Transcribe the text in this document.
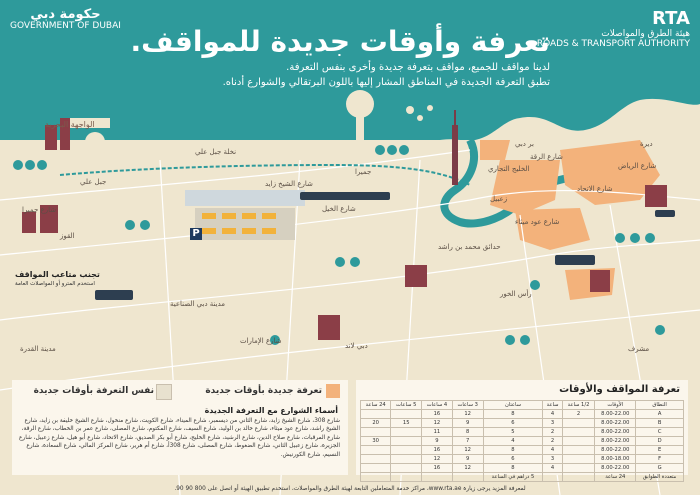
حكومة دبي
GOVERNMENT OF DUBAI	RTA
هيئة الطرق والمواصلات
ROADS & TRANSPORT AUTHORITY
تعرفة وأوقات جديدة للمواقف.
لدينا مواقف للجميع، مواقف بتعرفة جديدة وأخرى بنفس التعرفة.
تطبق التعرفة الجديدة في المناطق المشار إليها باللون البرتقالي والشوارع أدناه.
الواجهة البحرية
جبل علي
نخلة جبل علي
جميرا
بر دبي	ديرة
شارع الرقة
الخليج التجاري
شارع الاتحاد
شارع الرياض
زعبيل
شارع عود ميثاء
شارع الخيل
شارع الشيخ زايد
حدائق محمد بن راشد
رأس الخور
مدينة القدرة	دبي لاند	مشرف
شارع الإمارات
القوز
شارع جميرا
مدينة دبي الصناعية
P
تجنب متاعب المواقف
استخدم المترو أو المواصلات العامة
تعرفة جديدة بأوقات جديدة
نفس التعرفة بأوقات جديدة
أسماء الشوارع مع التعرفة الجديدة
شارع 308، شارع الشيخ زايد، شارع الثاني من ديسمبر، شارع الميناء، شارع الكويت، شارع منخول، شارع الشيخ خليفة بن زايد، شارع الشيخ راشد، شارع عود ميثاء، شارع خالد بن الوليد، شارع السيف، شارع المكتوم، شارع المصلى، شارع عمر بن الخطاب، شارع الرقة، شارع المرقبات، شارع صلاح الدين، شارع الرشيد، شارع الخليج، شارع أبو بكر الصديق، شارع الاتحاد، شارع أبو هيل، شارع زعبيل، شارع الجزيرة، شارع زعبيل الثاني، شارع الضغوط، شارع المصلى، شارع 308أ، شارع أم هرير، شارع المركز المالي، شارع السعادة، شارع النسيم، شارع الكورنيش.
تعرفة المواقف والأوقات
النطاق	الأوقات	1/2 ساعة	ساعة	ساعتان	3 ساعات	4 ساعات	5 ساعات	24 ساعة
A	8.00-22.00	2	4	8	12	16		
B	8.00-22.00		3	6	9	12	15	20
C	8.00-22.00		2	5	8	11		
D	8.00-22.00		2	4	7	9		30
E	8.00-22.00		4	8	12	16		
F	8.00-18.00		3	6	9	12		
G	8.00-22.00		4	8	12	16		
متعددة الطوابق	24 ساعة			5 دراهم في الساعة				
لمعرفة المزيد يرجى زيارة www.rta.ae، مراكز خدمة المتعاملين التابعة لهيئة الطرق والمواصلات، استخدم تطبيق الهيئة أو اتصل على 800 90 90.
